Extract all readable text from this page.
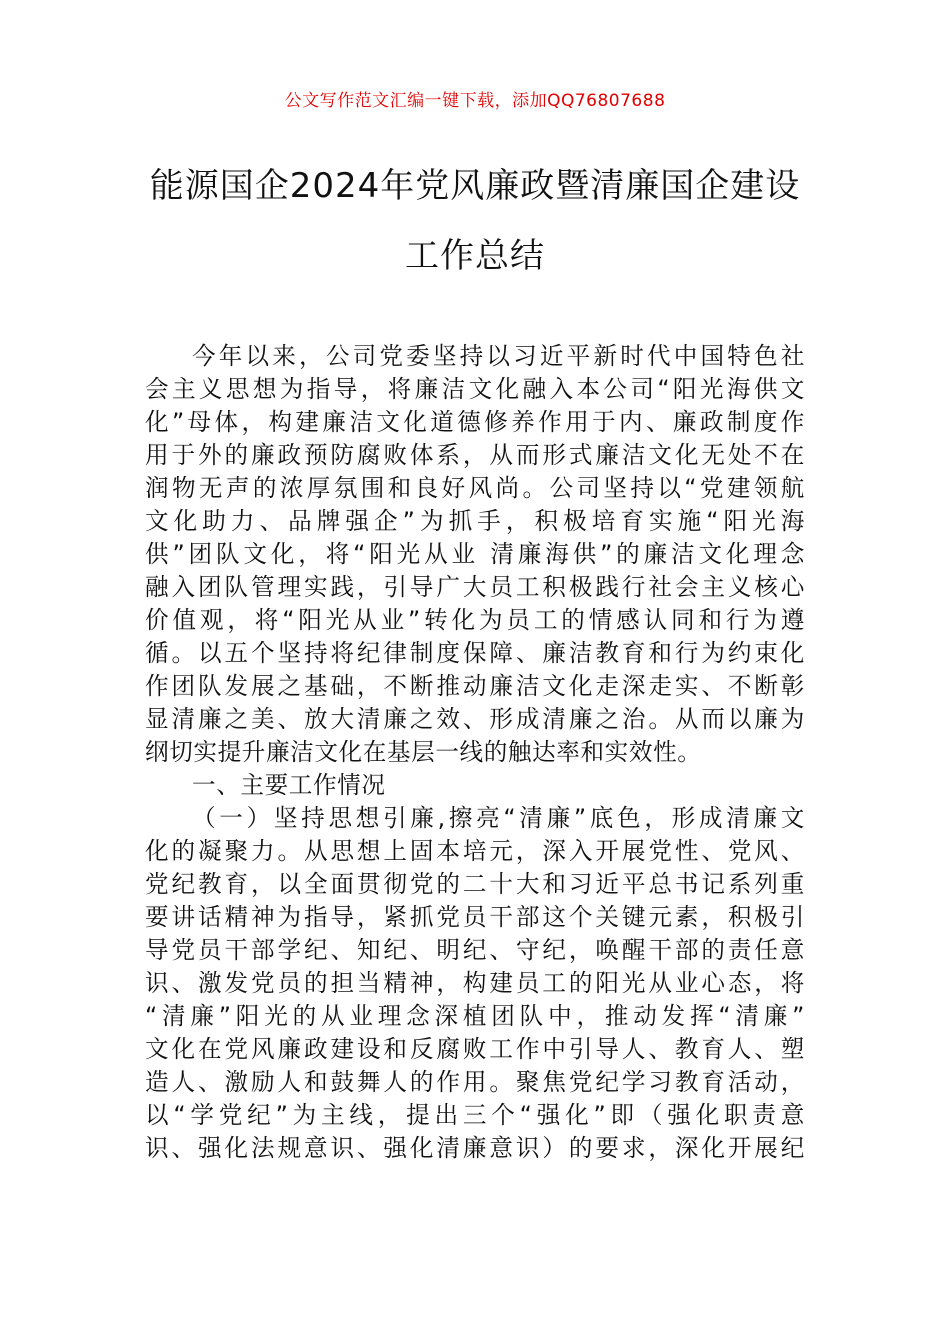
公文写作范文汇编一键下载，添加QQ76807688
能源国企2024年党风廉政暨清廉国企建设
工作总结
今年以来，公司党委坚持以习近平新时代中国特色社
会主义思想为指导，将廉洁文化融入本公司“阳光海供文
化”母体，构建廉洁文化道德修养作用于内、廉政制度作
用于外的廉政预防腐败体系，从而形式廉洁文化无处不在
润物无声的浓厚氛围和良好风尚。公司坚持以“党建领航
文化助力、品牌强企”为抓手，积极培育实施“阳光海
供”团队文化，将“阳光从业 清廉海供”的廉洁文化理念
融入团队管理实践，引导广大员工积极践行社会主义核心
价值观，将“阳光从业”转化为员工的情感认同和行为遵
循。以五个坚持将纪律制度保障、廉洁教育和行为约束化
作团队发展之基础，不断推动廉洁文化走深走实、不断彰
显清廉之美、放大清廉之效、形成清廉之治。从而以廉为
纲切实提升廉洁文化在基层一线的触达率和实效性。
一、主要工作情况
（一）坚持思想引廉,擦亮“清廉”底色，形成清廉文
化的凝聚力。从思想上固本培元，深入开展党性、党风、
党纪教育，以全面贯彻党的二十大和习近平总书记系列重
要讲话精神为指导，紧抓党员干部这个关键元素，积极引
导党员干部学纪、知纪、明纪、守纪，唤醒干部的责任意
识、激发党员的担当精神，构建员工的阳光从业心态，将
“清廉”阳光的从业理念深植团队中，推动发挥“清廉”
文化在党风廉政建设和反腐败工作中引导人、教育人、塑
造人、激励人和鼓舞人的作用。聚焦党纪学习教育活动，
以“学党纪”为主线，提出三个“强化”即（强化职责意
识、强化法规意识、强化清廉意识）的要求，深化开展纪
